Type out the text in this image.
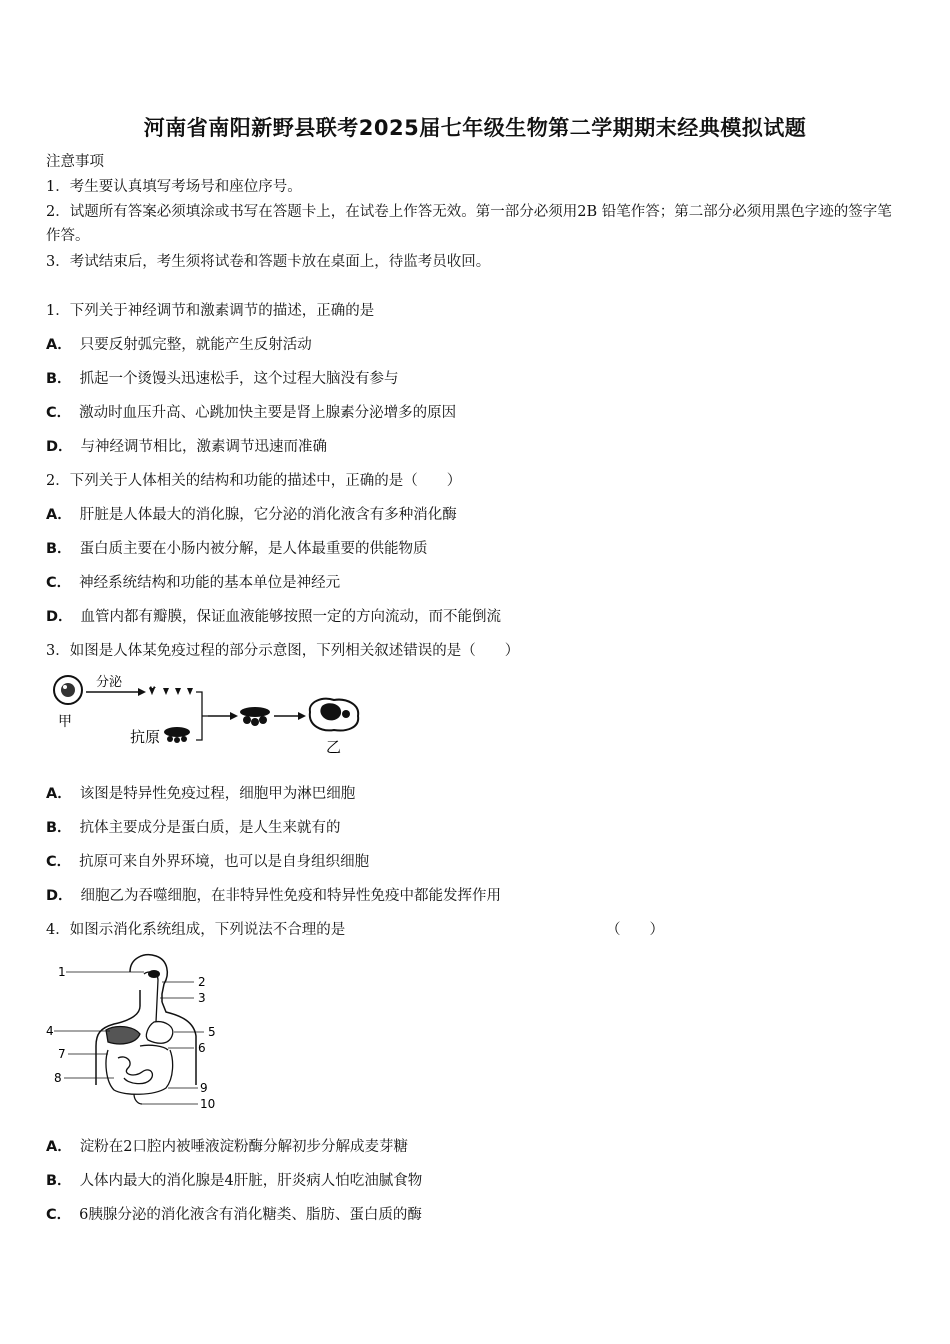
河南省南阳新野县联考2025届七年级生物第二学期期末经典模拟试题
注意事项
1．考生要认真填写考场号和座位序号。
2．试题所有答案必须填涂或书写在答题卡上，在试卷上作答无效。第一部分必须用2B 铅笔作答；第二部分必须用黑色字迹的签字笔作答。
3．考试结束后，考生须将试卷和答题卡放在桌面上，待监考员收回。
1．下列关于神经调节和激素调节的描述，正确的是
A． 只要反射弧完整，就能产生反射活动
B． 抓起一个烫馒头迅速松手，这个过程大脑没有参与
C． 激动时血压升高、心跳加快主要是肾上腺素分泌增多的原因
D． 与神经调节相比，激素调节迅速而准确
2．下列关于人体相关的结构和功能的描述中，正确的是（　　）
A． 肝脏是人体最大的消化腺，它分泌的消化液含有多种消化酶
B． 蛋白质主要在小肠内被分解，是人体最重要的供能物质
C． 神经系统结构和功能的基本单位是神经元
D． 血管内都有瓣膜，保证血液能够按照一定的方向流动，而不能倒流
3．如图是人体某免疫过程的部分示意图，下列相关叙述错误的是（　　）
甲
分泌
抗原
乙
A． 该图是特异性免疫过程，细胞甲为淋巴细胞
B． 抗体主要成分是蛋白质，是人生来就有的
C． 抗原可来自外界环境，也可以是自身组织细胞
D． 细胞乙为吞噬细胞，在非特异性免疫和特异性免疫中都能发挥作用
4．如图示消化系统组成，下列说法不合理的是	（　　）
1
2
3
4	5
6
7
8
9
10
A． 淀粉在2口腔内被唾液淀粉酶分解初步分解成麦芽糖
B． 人体内最大的消化腺是4肝脏，肝炎病人怕吃油腻食物
C． 6胰腺分泌的消化液含有消化糖类、脂肪、蛋白质的酶
